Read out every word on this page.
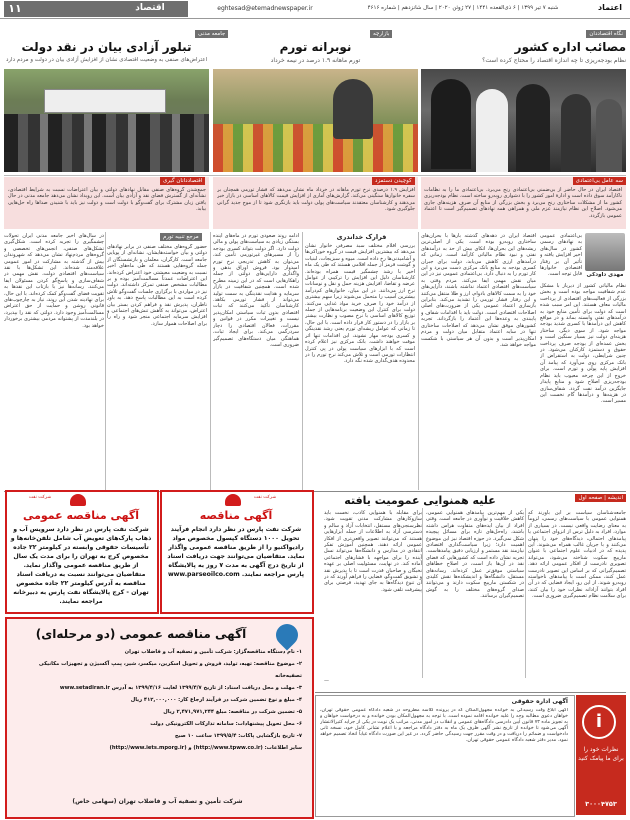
۱۱	اقتصاد	eghtesad@etemadnewspaper.ir	شنبه ۷ تیر ۱۳۹۹ | ۶ ذی‌القعده ۱۴۴۱ | ۲۷ ژوئن ۲۰۲۰ | سال شانزدهم | شماره ۴۶۱۶	اعتماد
نگاه اقتصاددان
بازارچه
جامعه مدنی
مصائب اداره کشور
نظام بودجه‌ریزی تا چه اندازه اقتصاد را محتاج کرده است؟
نوبرانه تورم
تورم ماهانه ۱.۹ درصد در نیمه خرداد
تبلور آزادی بیان در نقد دولت
اعتراض‌های صنفی به وضعیت اقتصادی نشان از افزایش آزادی بیان در دولت و مردم دارد
سه عامل بی‌اعتمادی
اقتصاد ایران در حال حاضر از بی‌ضمنی بی‌اعتمادی رنج می‌برد. بی‌اعتمادی ما را به نظامات ناکارآمد سوق داده است و ادارهٔ امور کشور را با دشواری روبه‌رو ساخته است. نظام بودجه‌ریزی کشور ما از مشکلات ساختاری رنج می‌برد و بخش بزرگی از منابع آن صرف هزینه‌های جاری می‌شود. اصلاح این نظام نیازمند عزم ملی و همراهی همه نهادهای تصمیم‌گیر است تا اعتماد عمومی بازگردد.
کوچیدن دستمزد
افزایش ۱.۹ درصدی نرخ تورم ماهانه در خرداد ماه نشان می‌دهد که فشار تورمی همچنان بر سفره خانوارها سنگینی می‌کند. گزارش‌های آماری از افزایش قیمت کالاهای اساسی در بازار خبر می‌دهند و کارشناسان معتقدند سیاست‌های پولی دولت باید بازنگری شود تا از موج جدید گرانی جلوگیری شود.
اقتصاددانان گیری
جمع‌شدن گروه‌های صنفی مقابل نهادهای دولتی و بیان اعتراضات نسبت به شرایط اقتصادی، نشانه‌ای از گسترش فضای نقد و آزادی بیان است. این رویداد نشان می‌دهد جامعه مدنی در حال یافتن زبان مشترک برای گفت‌وگو با دولت است و دولت نیز باید با شنیدن صداها راه حل‌هایی بیابد.
مهدی داودکی
بی‌اعتمادی عمومی به نهادهای رسمی کشور در سال‌های اخیر افزایش یافته و تأثیر آن بر رفتار اقتصادی خانوارها قابل توجه است.
نظام مالیاتی کشور از دیرباز با مشکل عدم شفافیت مواجه بوده است و بخش بزرگی از فعالیت‌های اقتصادی از پرداخت مالیات معاف هستند. این امر سبب شده است که دولت برای تأمین منابع خود به درآمدهای نفتی وابسته بماند و در مواقع کاهش این درآمدها با کسری شدید بودجه مواجه شود. از سوی دیگر، ساختار هزینه‌ای دولت نیز بسیار سنگین است و بخش عمده‌ای از بودجه صرف پرداخت حقوق و دستمزد کارکنان می‌شود. در چنین شرایطی، دولت به استقراض از بانک مرکزی روی می‌آورد که پیامد آن افزایش پایه پولی و تورم است. برای خروج از این چرخه معیوب باید نظام بودجه‌ریزی اصلاح شود و منابع پایدار جایگزین درآمد نفت گردد. شفاف‌سازی در هزینه‌ها و درآمدها گام نخست این مسیر است.
اقتصاد ایران در دهه‌های گذشته بارها با بحران‌های ساختاری روبه‌رو بوده است. یکی از اصلی‌ترین ریشه‌های این بحران‌ها، اتکای بیش از حد به درآمدهای نفتی و نبود نظام مالیاتی کارآمد است. زمانی که درآمدهای ارزی کاهش می‌یابد، دولت برای جبران کسری بودجه به منابع بانک مرکزی دست می‌برد و این کار تورم را به دنبال دارد. بی‌اعتمادی عمومی نیز در این میان نقش مهمی ایفا می‌کند. مردم وقتی به سیاست‌های اقتصادی اعتماد نداشته باشند، دارایی‌های خود را به سمت کالاهای بادوام، ارز و طلا منتقل می‌کنند و این رفتار فشار تورمی را تشدید می‌کند. بنابراین بازسازی اعتماد عمومی یکی از ضرورت‌های اصلی اصلاحات اقتصادی است. دولت باید با اقدامات شفاف و پایبندی به وعده‌ها این اعتماد را بازگرداند. تجربه کشورهای موفق نشان می‌دهد که اصلاحات ساختاری تنها در سایه اعتماد متقابل میان دولت و مردم امکان‌پذیر است و بدون آن هر سیاستی با شکست مواجه خواهد شد.
قرارک خداندری
بررسی اقلام مختلف سبد مصرفی خانوار نشان می‌دهد که بیشترین افزایش قیمت در گروه خوراکی‌ها و آشامیدنی‌ها رخ داده است. میوه و سبزیجات، لبنیات و گوشت قرمز از جمله اقلامی هستند که طی یک ماه اخیر با رشد چشمگیر قیمت همراه بوده‌اند. کارشناسان دلیل این افزایش را ترکیبی از عوامل عرضه و تقاضا، افزایش هزینه حمل و نقل و نوسانات نرخ ارز می‌دانند. در این میان، خانوارهای کم‌درآمد بیشترین آسیب را متحمل می‌شوند زیرا سهم بیشتری از درآمد خود را صرف خرید مواد غذایی می‌کنند. دولت برای کنترل این وضعیت برنامه‌هایی از جمله توزیع کالاهای اساسی با نرخ مصوب و نظارت بیشتر بر بازار را در دستور کار قرار داده است. با این حال، تا زمانی که عوامل ریشه‌ای تورم یعنی رشد نقدینگی و کسری بودجه مهار نشوند، این اقدامات تنها اثر موقت خواهند داشت. بانک مرکزی نیز اعلام کرده است که با ابزارهای سیاست پولی در پی کنترل انتظارات تورمی است و تلاش می‌کند نرخ تورم را در محدوده هدف‌گذاری شده نگه دارد.
ادامه روند صعودی تورم در ماه‌های آینده بستگی زیادی به سیاست‌های پولی و مالی دولت دارد. اگر دولت بتواند کسری بودجه را از مسیرهای غیرتورمی تأمین کند، می‌توان به کاهش تدریجی نرخ تورم امیدوار بود. فروش اوراق بدهی و واگذاری دارایی‌های دولتی از جمله راهکارهایی است که در این زمینه مطرح شده است. همچنین شفافیت در بازار سرمایه و هدایت نقدینگی به سمت تولید می‌تواند از فشار تورمی بکاهد. کارشناسان تأکید می‌کنند که ثبات اقتصادی بدون ثبات سیاستی امکان‌پذیر نیست و تغییرات مکرر در قوانین و مقررات، فعالان اقتصادی را دچار سردرگمی می‌کند. برای ایجاد ثبات، هماهنگی میان دستگاه‌های تصمیم‌گیر ضروری است.
مرجع تنبیه تورم
حضور گروه‌های مختلف صنفی در برابر نهادهای دولتی و بیان خواسته‌هایشان، نشانه‌ای از پویایی جامعه است. کارگران، معلمان و بازنشستگان از جمله گروه‌هایی هستند که طی ماه‌های اخیر نسبت به وضعیت معیشتی خود اعتراض کرده‌اند. این اعتراضات عمدتاً مسالمت‌آمیز بوده و بر مطالبات مشخص صنفی تمرکز داشته‌اند. دولت نیز در مواردی با برگزاری جلسات گفت‌وگو تلاش کرده است به این مطالبات پاسخ دهد. به باور ناظران، پذیرش نقد و فراهم کردن بستر بیان اعتراض، می‌تواند به کاهش تنش‌های اجتماعی و افزایش سرمایه اجتماعی منجر شود و راه را برای اصلاحات هموار سازد.
در سال‌های اخیر جامعه مدنی ایران تحولات چشمگیری را تجربه کرده است. شکل‌گیری تشکل‌های صنفی، انجمن‌های تخصصی و گروه‌های مردم‌نهاد نشان می‌دهد که شهروندان بیش از گذشته به مشارکت در امور عمومی علاقه‌مند شده‌اند. این تشکل‌ها با نقد سیاست‌های اقتصادی دولت، نقش مهمی در شفاف‌سازی و پاسخ‌گو کردن مسئولان ایفا می‌کنند. رسانه‌ها نیز با بازتاب این نقدها به تقویت فضای گفت‌وگو کمک کرده‌اند. با این حال، برای نهادینه شدن این روند، نیاز به چارچوب‌های قانونی روشن و حمایت از حق اعتراض مسالمت‌آمیز وجود دارد. دولتی که نقد را بپذیرد، در بلندمدت از پشتوانه مردمی بیشتری برخوردار خواهد بود.
اندیشه | صفحه اول
علیه همنوایی عمومیت یافته
جامعه‌شناسان سیاست بر این باورند که همنوایی عمومی با سیاست‌های رسمی، لزوماً به معنای رضایت واقعی نیست. در بسیاری از موارد، افراد به دلیل ترس از انزوای اجتماعی یا پیامدهای احتمالی، دیدگاه‌های خود را پنهان می‌کنند و با جریان غالب همراه می‌شوند. این پدیده که در ادبیات علوم اجتماعی با عنوان مارپیچ سکوت شناخته می‌شود، می‌تواند تصویری نادرست از افکار عمومی ارائه دهد. تصمیم‌گیرانی که بر اساس این تصویر نادرست عمل کنند، ممکن است با پیامدهای ناخواسته روبه‌رو شوند. از این رو، ایجاد فضایی که در آن افراد بتوانند آزادانه نظرات خود را بیان کنند، برای سلامت نظام تصمیم‌گیری ضروری است.
یکی از مهم‌ترین پیامدهای همنوایی عمومی، کاهش خلاقیت و نوآوری در جامعه است. وقتی افراد از بیان ایده‌های متفاوت هراس داشته باشند، راه‌حل‌های تازه برای مسائل پیچیده شکل نمی‌گیرد. در حوزه اقتصاد نیز این موضوع اهمیت دارد؛ زیرا سیاست‌گذاری اقتصادی نیازمند نقد مستمر و ارزیابی دقیق پیامدهاست. تجربه نشان داده است که کشورهایی که فضای نقد در آن‌ها باز است، در اصلاح خطاهای سیاستی موفق‌تر عمل کرده‌اند. رسانه‌های مستقل، دانشگاه‌ها و اندیشکده‌ها نقش کلیدی در شکستن مارپیچ سکوت دارند و می‌توانند صدای گروه‌های مختلف را به گوش تصمیم‌گیران برسانند.
برای مقابله با همنوایی کاذب، نخست باید سازوکارهای مشارکت مدنی تقویت شود. نظرسنجی‌های مستقل، انتخابات آزاد و سالم و دسترسی آزاد به اطلاعات از جمله ابزارهایی هستند که می‌توانند تصویر واقعی‌تری از افکار عمومی ارائه دهند. همچنین آموزش تفکر انتقادی در مدارس و دانشگاه‌ها می‌تواند نسل آینده را برای مواجهه با فشارهای اجتماعی آماده کند. در نهایت، مسئولیت اصلی بر عهده نخبگان و صاحبان قدرت است تا با پذیرش نقد و تشویق گفت‌وگو، فضایی را فراهم آورند که در آن تنوع دیدگاه‌ها به جای تهدید، فرصتی برای پیشرفت تلقی شود.
—
شرکت نفت
آگهی مناقصه عمومی
شرکت نفت پارس در نظر دارد سرویس آب و ذهاب پارک‌های تعویض آب شامل تلفن‌خانه‌ها و تأسیسات حقوقی وابسته در کیلومتر ۲۲ جاده مخصوص کرج به تهران را برای مدت یک سال از طریق مناقصه عمومی واگذار نماید. متقاضیان می‌توانند نسبت به دریافت اسناد مناقصه به آدرس کیلومتر ۲۲ جاده مخصوص تهران - کرج پالایشگاه نفت پارس به دبیرخانه مراجعه نمایند.
شرکت نفت
آگهی مناقصه
شرکت نفت پارس در نظر دارد انجام فرآیند تحویل ۱۰۰۰ دستگاه کپسول مخصوص مواد رادیواکتیو را از طریق مناقصه عمومی واگذار نماید. متقاضیان می‌توانند جهت دریافت اسناد از تاریخ درج آگهی به مدت ۷ روز به پالایشگاه پارس مراجعه نمایند. www.parseoilco.com
آگهی مناقصه عمومی (دو مرحله‌ای)
۱- نام دستگاه مناقصه‌گزار: شرکت تأمین و تصفیه آب و فاضلاب تهران
۲- موضوع مناقصه: تهیه، تولید، فروش و تحویل اسکرین، میکسر، شیر، پمپ آکسیژن و تجهیزات مکانیکی تصفیه‌خانه
۳- مهلت و محل دریافت اسناد: از تاریخ ۱۳۹۹/۴/۷ لغایت ۱۳۹۹/۴/۱۶ به آدرس www.setadiran.ir
۴- مبلغ و نوع تضمین شرکت در فرآیند ارجاع کار: ۴۱۲,۰۰۰,۰۰۰ ریال
۵- تضمین شرکت در مناقصه: مبلغ ۲,۴۷۱,۹۷۱,۲۴۴ ریال
۶- محل تحویل پیشنهادات: سامانه تدارکات الکترونیکی دولت
۷- تاریخ بازگشایی پاکات: ۱۳۹۹/۵/۴ ساعت ۱۰ صبح
سایر اطلاعات: (http://www.tpww.co.ir) و (http://www.iets.mporg.ir)
شرکت تأمین و تصفیه آب و فاضلاب تهران (سهامی خاص)
آگهی اداره حقوقی
آگهی ابلاغ وقت رسیدگی به خوانده مجهول‌المکان که در پرونده کلاسه مطروحه در شعبه دادگاه عمومی حقوقی تهران، خواهان دعوی مطالبه وجه را علیه خوانده اقامه نموده است. با توجه به مجهول‌المکان بودن خوانده و به درخواست خواهان و به تجویز ماده ۷۳ قانون آیین دادرسی دادگاه‌های عمومی و انقلاب در امور مدنی، مراتب یک نوبت در یکی از جراید کثیرالانتشار آگهی می‌شود تا خوانده از تاریخ نشر آگهی ظرف یک ماه به دفتر دادگاه مراجعه و با اعلام نشانی کامل خود، نسخه ثانی دادخواست و ضمائم را دریافت و در وقت مقرر جهت رسیدگی حاضر گردد. در غیر این صورت دادگاه غیاباً اتخاذ تصمیم خواهد نمود. مدیر دفتر شعبه دادگاه عمومی حقوقی تهران.
i
نظرات خود را برای ما پیامک کنید
۳۰۰۰۴۷۵۳
